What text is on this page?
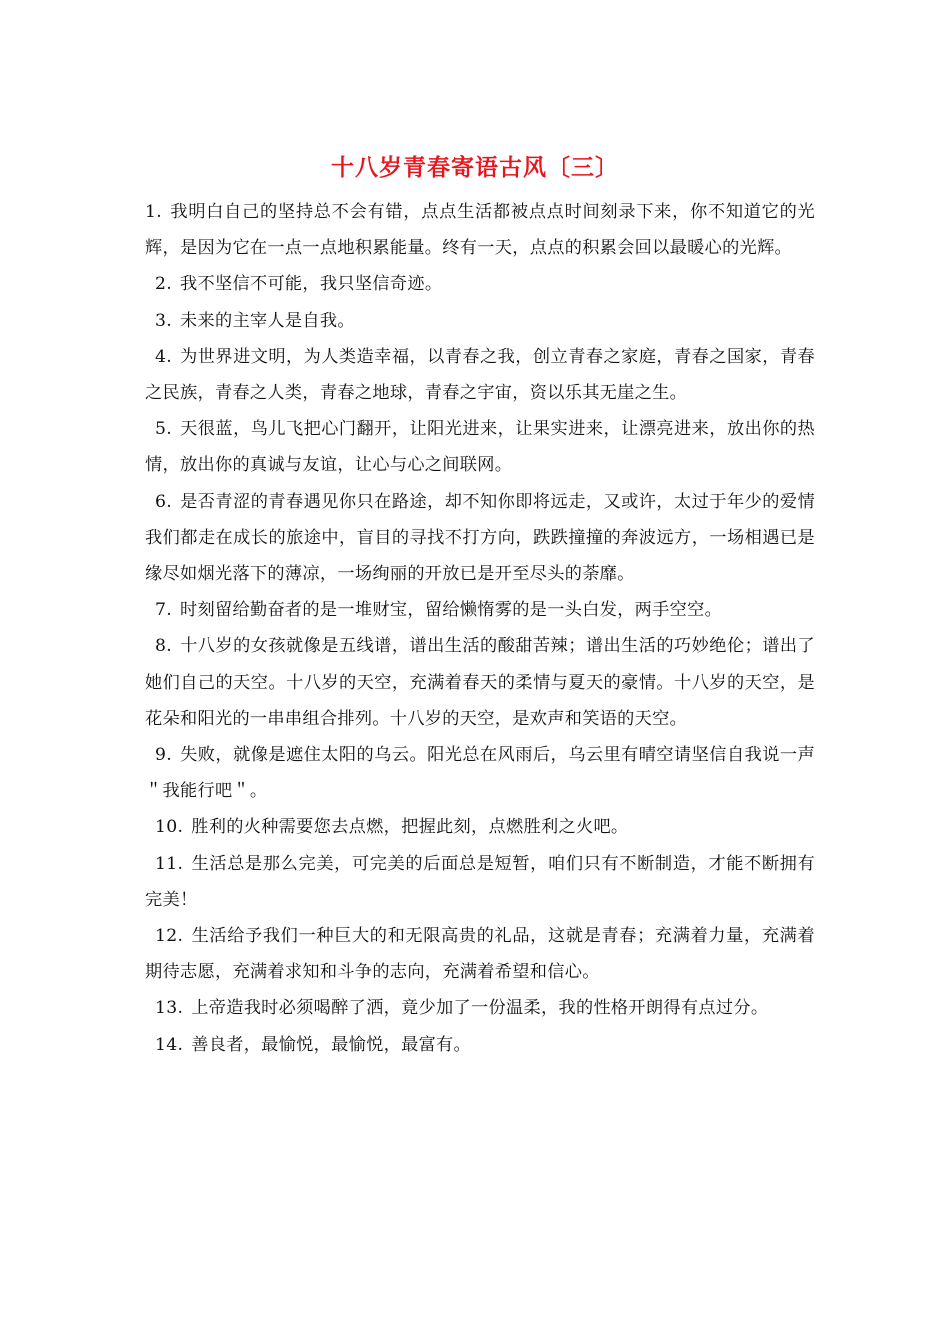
十八岁青春寄语古风〔三〕

1. 我明白自己的坚持总不会有错，点点生活都被点点时间刻录下来，你不知道它的光辉，是因为它在一点一点地积累能量。终有一天，点点的积累会回以最暖心的光辉。

2. 我不坚信不可能，我只坚信奇迹。

3. 未来的主宰人是自我。

4. 为世界进文明，为人类造幸福，以青春之我，创立青春之家庭，青春之国家，青春之民族，青春之人类，青春之地球，青春之宇宙，资以乐其无崖之生。

5. 天很蓝，鸟儿飞把心门翻开，让阳光进来，让果实进来，让漂亮进来，放出你的热情，放出你的真诚与友谊，让心与心之间联网。

6. 是否青涩的青春遇见你只在路途，却不知你即将远走，又或许，太过于年少的爱情我们都走在成长的旅途中，盲目的寻找不打方向，跌跌撞撞的奔波远方，一场相遇已是缘尽如烟光落下的薄凉，一场绚丽的开放已是开至尽头的荼靡。

7. 时刻留给勤奋者的是一堆财宝，留给懒惰雾的是一头白发，两手空空。

8. 十八岁的女孩就像是五线谱，谱出生活的酸甜苦辣；谱出生活的巧妙绝伦；谱出了她们自己的天空。十八岁的天空，充满着春天的柔情与夏天的豪情。十八岁的天空，是花朵和阳光的一串串组合排列。十八岁的天空，是欢声和笑语的天空。

9. 失败，就像是遮住太阳的乌云。阳光总在风雨后，乌云里有晴空请坚信自我说一声＂我能行吧＂。

10. 胜利的火种需要您去点燃，把握此刻，点燃胜利之火吧。

11. 生活总是那么完美，可完美的后面总是短暂，咱们只有不断制造，才能不断拥有完美！

12. 生活给予我们一种巨大的和无限高贵的礼品，这就是青春；充满着力量，充满着期待志愿，充满着求知和斗争的志向，充满着希望和信心。

13. 上帝造我时必须喝醉了洒，竟少加了一份温柔，我的性格开朗得有点过分。

14. 善良者，最愉悦，最愉悦，最富有。
